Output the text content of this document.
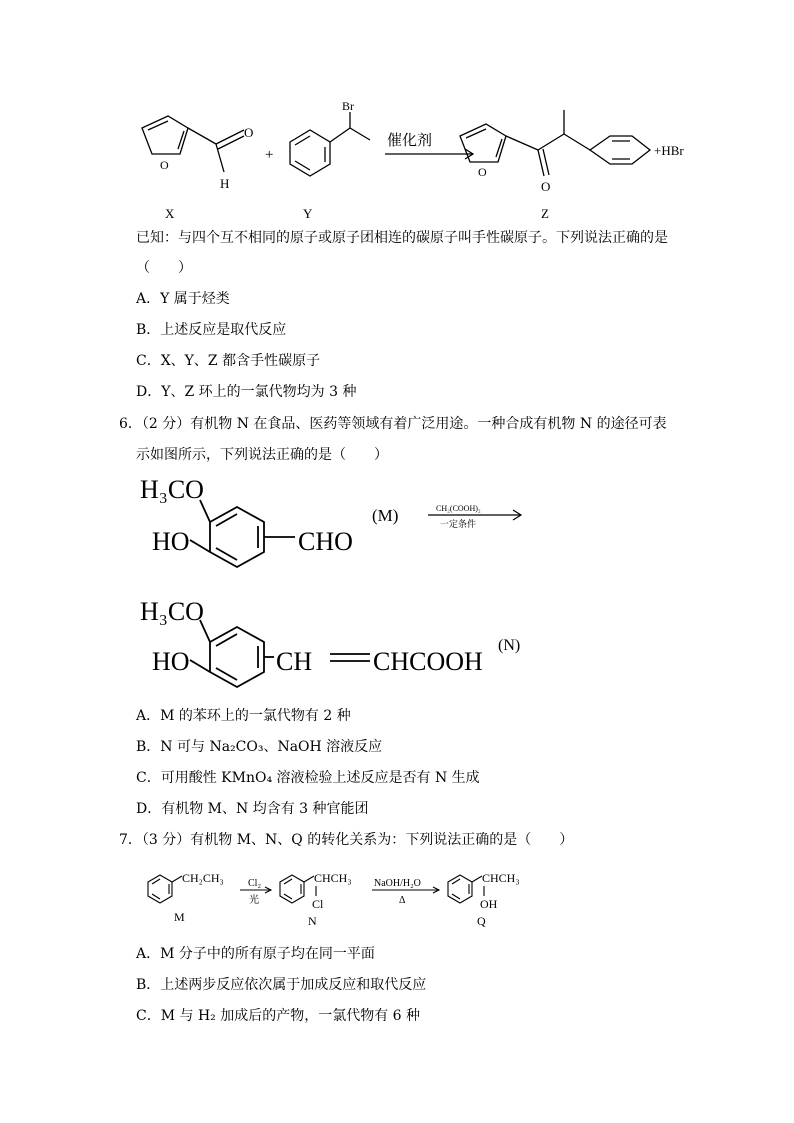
O
O
H
+
Br
催化剂
O
O
+HBr
X	Y	Z
已知：与四个互不相同的原子或原子团相连的碳原子叫手性碳原子。下列说法正确的是
（　　）
A．Y 属于烃类
B．上述反应是取代反应
C．X、Y、Z 都含手性碳原子
D．Y、Z 环上的一氯代物均为 3 种
6．（2 分）有机物 N 在食品、医药等领域有着广泛用途。一种合成有机物 N 的途径可表
示如图所示，下列说法正确的是（　　）
H₃CO
HO	CHO
(M)	CH₂(COOH)₂
一定条件
H₃CO
HO	CH CHCOOH
(N)
A．M 的苯环上的一氯代物有 2 种
B．N 可与 Na₂CO₃、NaOH 溶液反应
C．可用酸性 KMnO₄ 溶液检验上述反应是否有 N 生成
D．有机物 M、N 均含有 3 种官能团
7．（3 分）有机物 M、N、Q 的转化关系为：下列说法正确的是（　　）
CH₂CH₃
M
Cl₂
光
CHCH₃
Cl
N
NaOH/H₂O
Δ
CHCH₃
OH
Q
A．M 分子中的所有原子均在同一平面
B．上述两步反应依次属于加成反应和取代反应
C．M 与 H₂ 加成后的产物，一氯代物有 6 种
